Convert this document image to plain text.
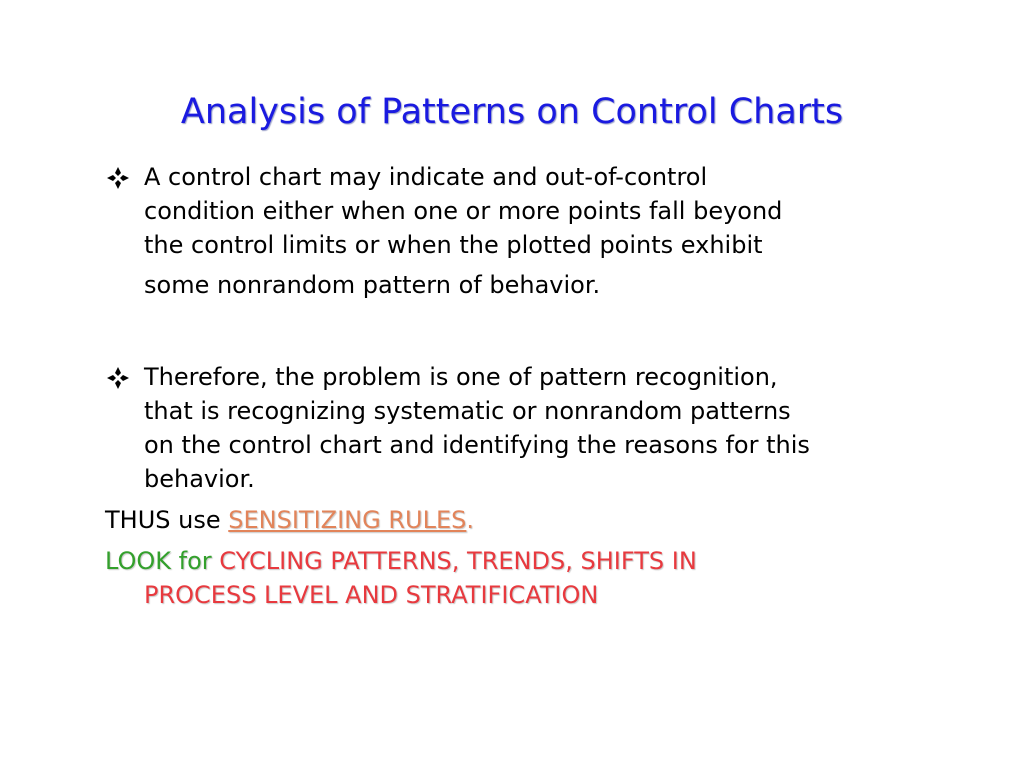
Analysis of Patterns on Control Charts
A control chart may indicate and out-of-control
condition either when one or more points fall beyond
the control limits or when the plotted points exhibit
some nonrandom pattern of behavior.
Therefore, the problem is one of pattern recognition,
that is recognizing systematic or nonrandom patterns
on the control chart and identifying the reasons for this
behavior.
THUS use SENSITIZING RULES.
LOOK for CYCLING PATTERNS, TRENDS, SHIFTS IN
PROCESS LEVEL AND STRATIFICATION
